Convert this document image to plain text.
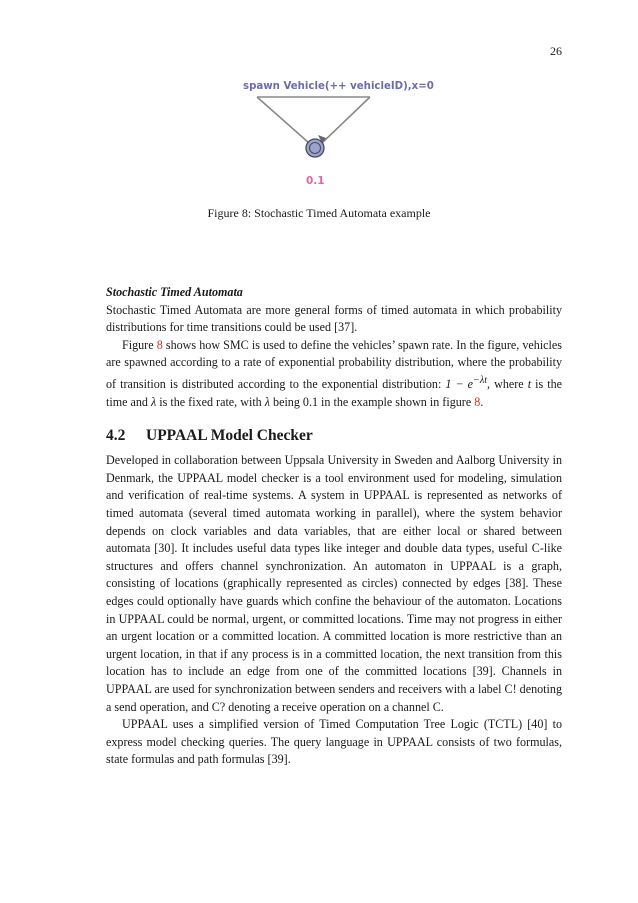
26
spawn Vehicle(++ vehicleID),x=0
0.1
Figure 8: Stochastic Timed Automata example

Stochastic Timed Automata

Stochastic Timed Automata are more general forms of timed automata in which probability distributions for time transitions could be used [37].

Figure 8 shows how SMC is used to define the vehicles’ spawn rate. In the figure, vehicles are spawned according to a rate of exponential probability distribution, where the probability of transition is distributed according to the exponential distribution: $1 - e^{-\lambda t}$, where t is the time and λ is the fixed rate, with λ being 0.1 in the example shown in figure 8.

4.2 UPPAAL Model Checker

Developed in collaboration between Uppsala University in Sweden and Aalborg University in Denmark, the UPPAAL model checker is a tool environment used for modeling, simulation and verification of real-time systems. A system in UPPAAL is represented as networks of timed automata (several timed automata working in parallel), where the system behavior depends on clock variables and data variables, that are either local or shared between automata [30]. It includes useful data types like integer and double data types, useful C-like structures and offers channel synchronization. An automaton in UPPAAL is a graph, consisting of locations (graphically represented as circles) connected by edges [38]. These edges could optionally have guards which confine the behaviour of the automaton. Locations in UPPAAL could be normal, urgent, or committed locations. Time may not progress in either an urgent location or a committed location. A committed location is more restrictive than an urgent location, in that if any process is in a committed location, the next transition from this location has to include an edge from one of the committed locations [39]. Channels in UPPAAL are used for synchronization between senders and receivers with a label C! denoting a send operation, and C? denoting a receive operation on a channel C.

UPPAAL uses a simplified version of Timed Computation Tree Logic (TCTL) [40] to express model checking queries. The query language in UPPAAL consists of two formulas, state formulas and path formulas [39].
